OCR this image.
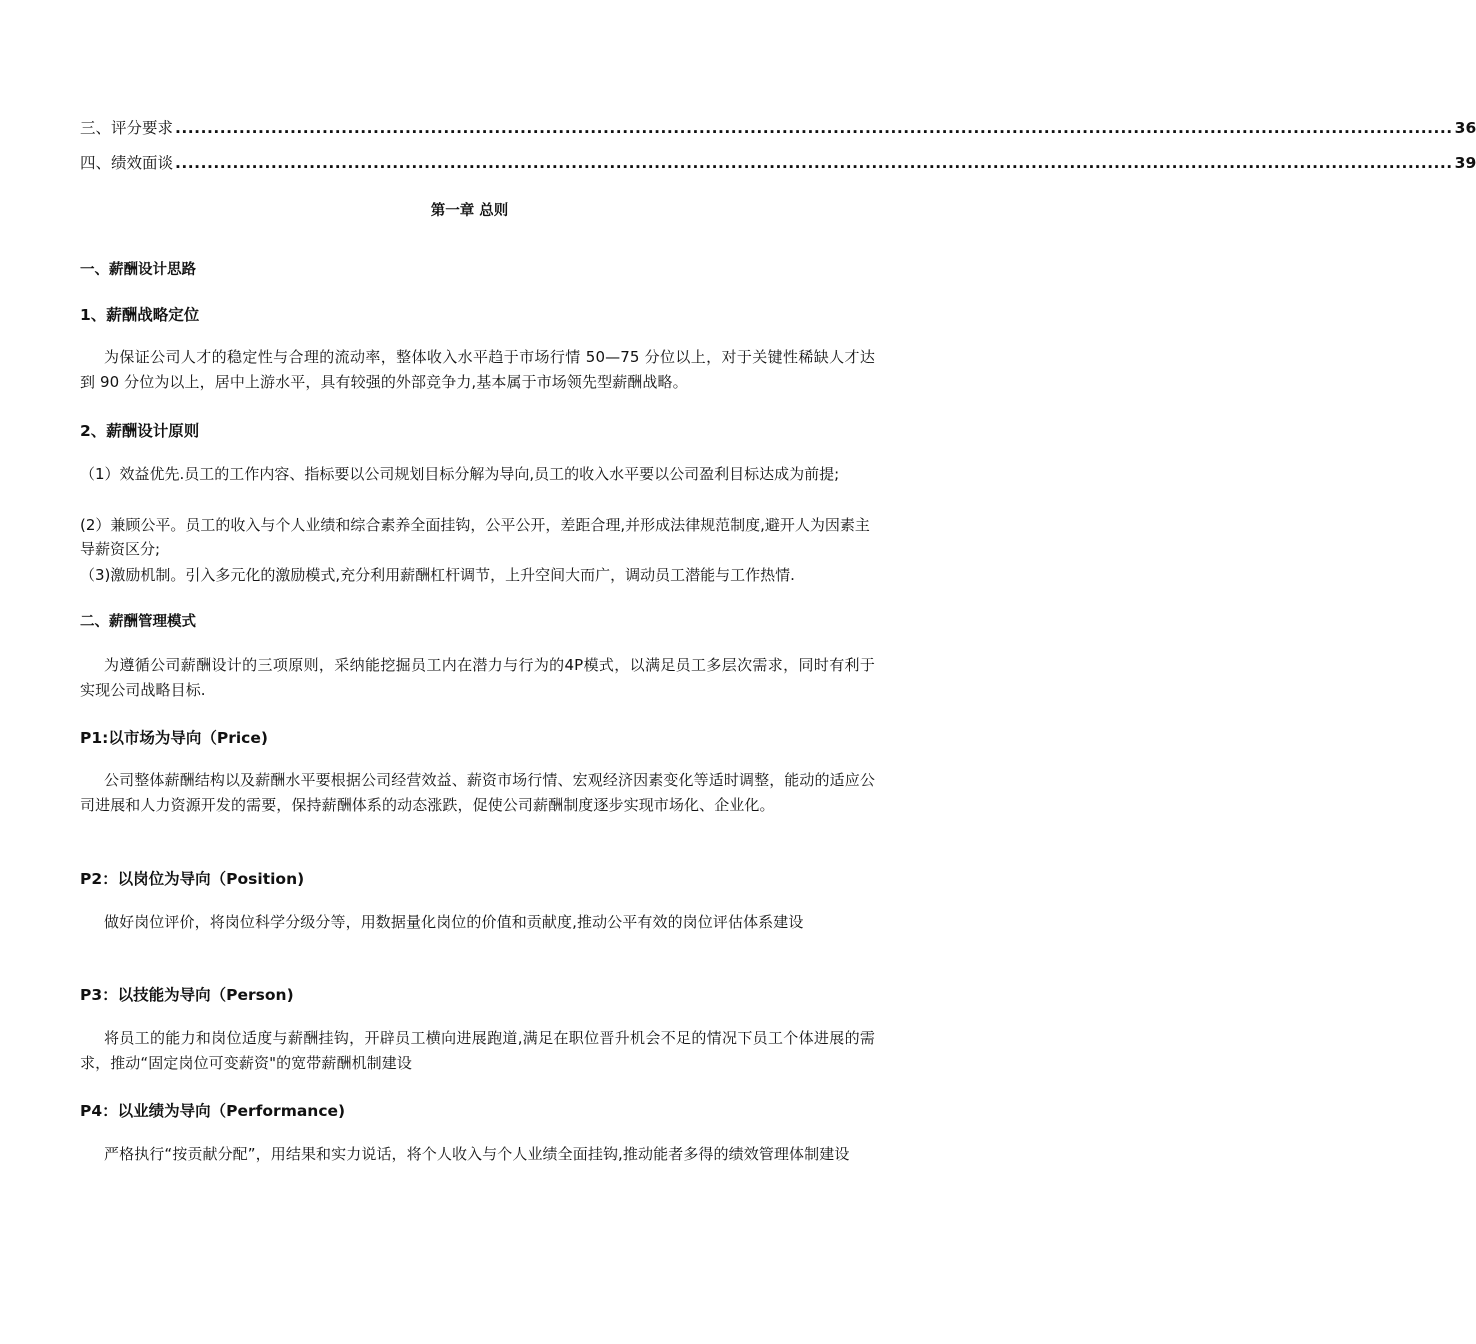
三、评分要求 ........................................................................................................................................................................................................ 36
四、绩效面谈 ........................................................................................................................................................................................................ 39
第一章 总则
一、薪酬设计思路
1、薪酬战略定位
为保证公司人才的稳定性与合理的流动率，整体收入水平趋于市场行情 50—75 分位以上，对于关键性稀缺人才达到 90 分位为以上，居中上游水平，具有较强的外部竞争力,基本属于市场领先型薪酬战略。
2、薪酬设计原则
（1）效益优先.员工的工作内容、指标要以公司规划目标分解为导向,员工的收入水平要以公司盈利目标达成为前提;
(2）兼顾公平。员工的收入与个人业绩和综合素养全面挂钩，公平公开，差距合理,并形成法律规范制度,避开人为因素主导薪资区分;
（3)激励机制。引入多元化的激励模式,充分利用薪酬杠杆调节，上升空间大而广，调动员工潜能与工作热情.
二、薪酬管理模式
为遵循公司薪酬设计的三项原则，采纳能挖掘员工内在潜力与行为的4P模式，以满足员工多层次需求，同时有利于实现公司战略目标.
P1:以市场为导向（Price)
公司整体薪酬结构以及薪酬水平要根据公司经营效益、薪资市场行情、宏观经济因素变化等适时调整，能动的适应公司进展和人力资源开发的需要，保持薪酬体系的动态涨跌，促使公司薪酬制度逐步实现市场化、企业化。
P2：以岗位为导向（Position)
做好岗位评价，将岗位科学分级分等，用数据量化岗位的价值和贡献度,推动公平有效的岗位评估体系建设
P3：以技能为导向（Person)
将员工的能力和岗位适度与薪酬挂钩，开辟员工横向进展跑道,满足在职位晋升机会不足的情况下员工个体进展的需求，推动“固定岗位可变薪资"的宽带薪酬机制建设
P4：以业绩为导向（Performance)
严格执行“按贡献分配”，用结果和实力说话，将个人收入与个人业绩全面挂钩,推动能者多得的绩效管理体制建设
